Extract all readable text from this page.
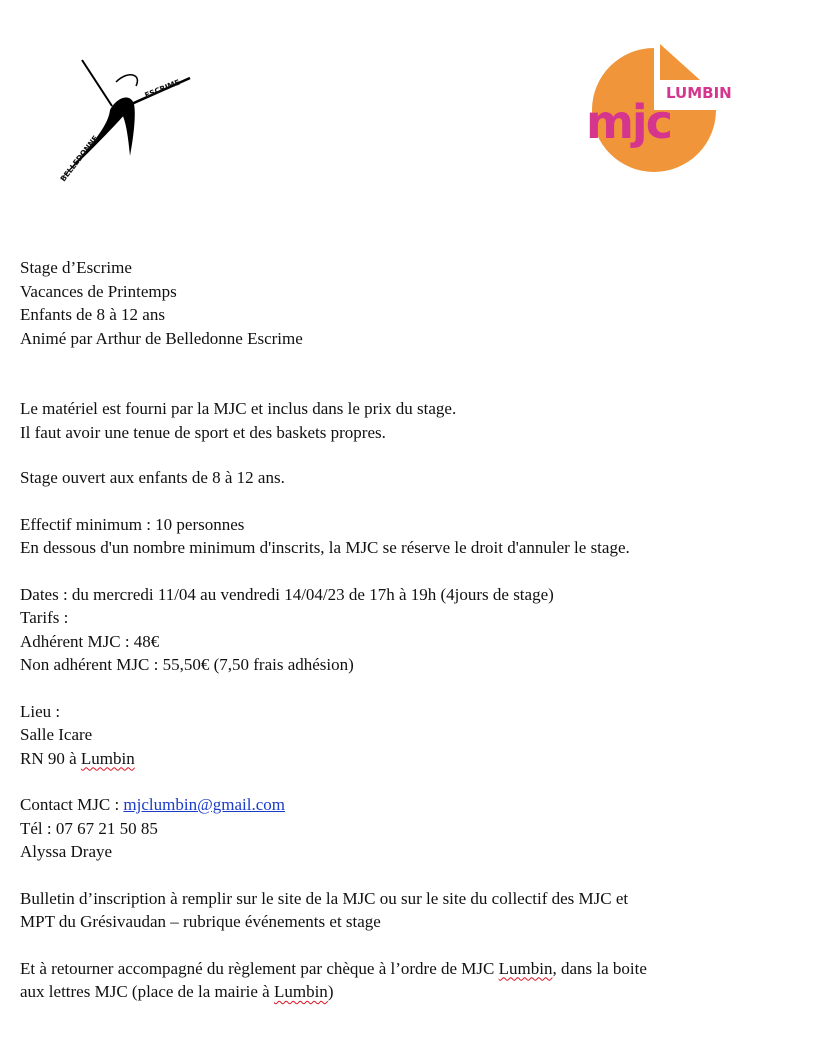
BELLEDONNE
ESCRIME
mjc
LUMBIN

Stage d’Escrime

Vacances de Printemps

Enfants de 8 à 12 ans

Animé par Arthur de Belledonne Escrime

Le matériel est fourni par la MJC et inclus dans le prix du stage.

Il faut avoir une tenue de sport et des baskets propres.

Stage ouvert aux enfants de 8 à 12 ans.

Effectif minimum : 10 personnes

En dessous d'un nombre minimum d'inscrits, la MJC se réserve le droit d'annuler le stage.

Dates : du mercredi 11/04 au vendredi 14/04/23 de 17h à 19h (4jours de stage)

Tarifs :

Adhérent MJC : 48€

Non adhérent MJC : 55,50€ (7,50 frais adhésion)

Lieu :

Salle Icare

RN 90 à Lumbin

Contact MJC : mjclumbin@gmail.com

Tél : 07 67 21 50 85

Alyssa Draye

Bulletin d’inscription à remplir sur le site de la MJC ou sur le site du collectif des MJC et

MPT du Grésivaudan – rubrique événements et stage

Et à retourner accompagné du règlement par chèque à l’ordre de MJC Lumbin, dans la boite

aux lettres MJC (place de la mairie à Lumbin)
